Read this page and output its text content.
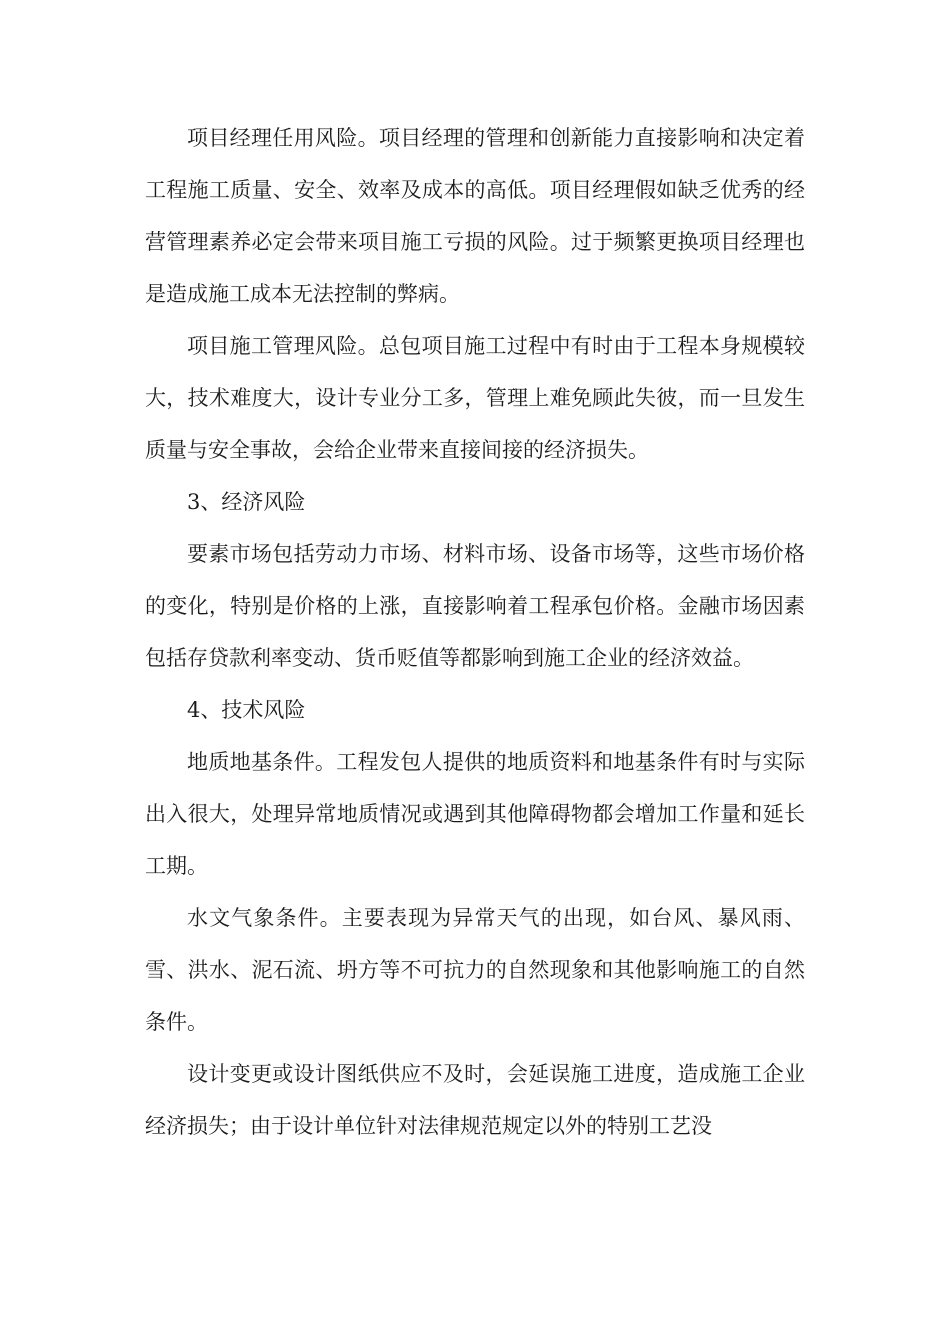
项目经理任用风险。项目经理的管理和创新能力直接影响和决定着工程施工质量、安全、效率及成本的高低。项目经理假如缺乏优秀的经营管理素养必定会带来项目施工亏损的风险。过于频繁更换项目经理也是造成施工成本无法控制的弊病。

项目施工管理风险。总包项目施工过程中有时由于工程本身规模较大，技术难度大，设计专业分工多，管理上难免顾此失彼，而一旦发生质量与安全事故，会给企业带来直接间接的经济损失。

3、经济风险

要素市场包括劳动力市场、材料市场、设备市场等，这些市场价格的变化，特别是价格的上涨，直接影响着工程承包价格。金融市场因素包括存贷款利率变动、货币贬值等都影响到施工企业的经济效益。

4、技术风险

地质地基条件。工程发包人提供的地质资料和地基条件有时与实际出入很大，处理异常地质情况或遇到其他障碍物都会增加工作量和延长工期。

水文气象条件。主要表现为异常天气的出现，如台风、暴风雨、雪、洪水、泥石流、坍方等不可抗力的自然现象和其他影响施工的自然条件。

设计变更或设计图纸供应不及时，会延误施工进度，造成施工企业经济损失；由于设计单位针对法律规范规定以外的特别工艺没
